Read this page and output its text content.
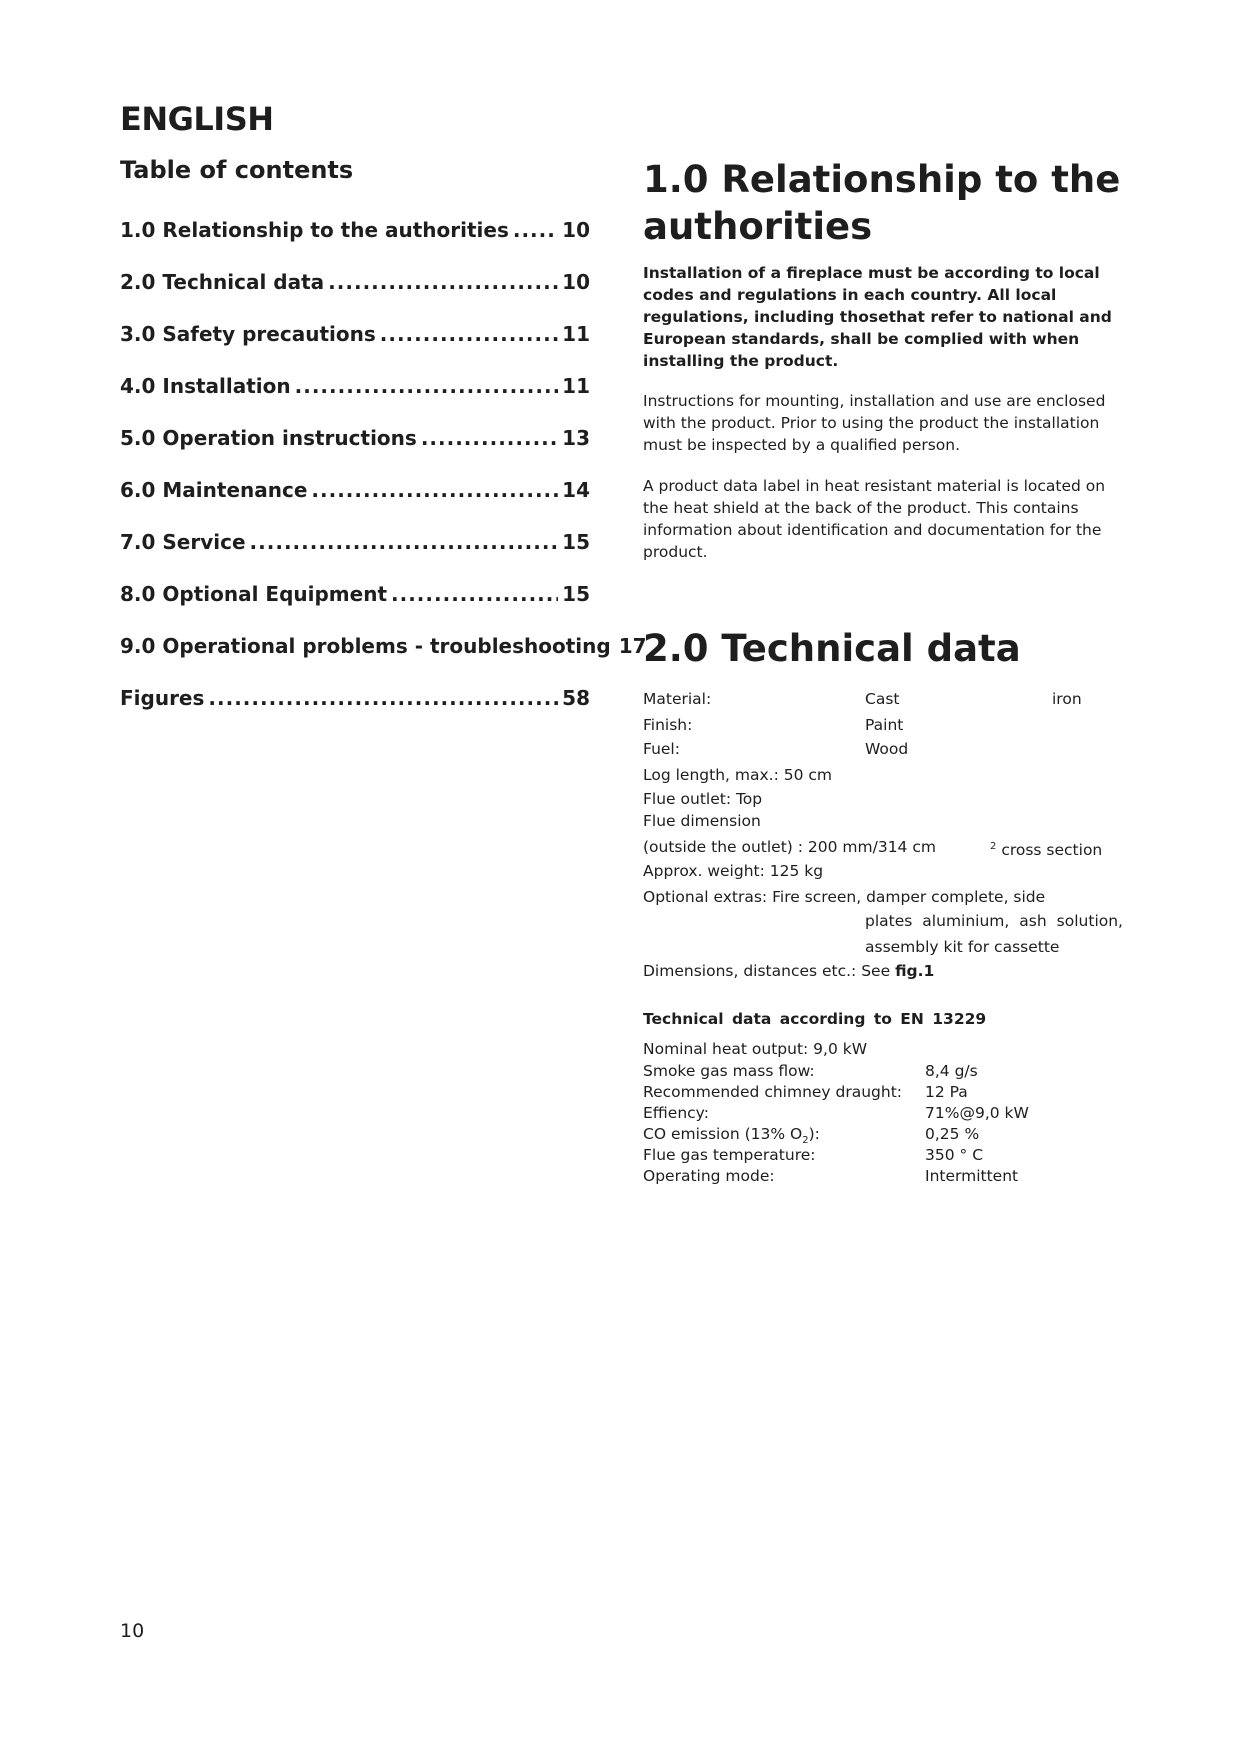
ENGLISH
Table of contents
1.0 Relationship to the authorities .....	10
2.0 Technical data .....	10
3.0 Safety precautions .....	11
4.0 Installation .....	11
5.0 Operation instructions .....	13
6.0 Maintenance .....	14
7.0 Service .....	15
8.0 Optional Equipment .....	15
9.0 Operational problems - troubleshooting 17
Figures .....	58
1.0 Relationship to the authorities
Installation of a fireplace must be according to local codes and regulations in each country. All local regulations, including thosethat refer to national and European standards, shall be complied with when installing the product.
Instructions for mounting, installation and use are enclosed with the product. Prior to using the product the installation must be inspected by a qualified person.
A product data label in heat resistant material is located on the heat shield at the back of the product. This contains information about identification and documentation for the product.
2.0 Technical data
Material:	Cast	iron
Finish:	Paint
Fuel:	Wood
Log length, max.: 50 cm
Flue outlet: Top
Flue dimension
(outside the outlet) : 200 mm/314 cm	$^2$ cross section
Approx. weight: 125 kg
Optional extras: Fire screen, damper complete, side
plates aluminium, ash solution,
assembly kit for cassette
Dimensions, distances etc.: See fig.1
Technical data according to EN 13229
Nominal heat output: 9,0 kW
Smoke gas mass flow:	8,4 g/s
Recommended chimney draught: 12 Pa
Effiency:	71%@9,0 kW
CO emission (13% $O_2$):	0,25 %
Flue gas temperature:	350 ° C
Operating mode:	Intermittent
10
